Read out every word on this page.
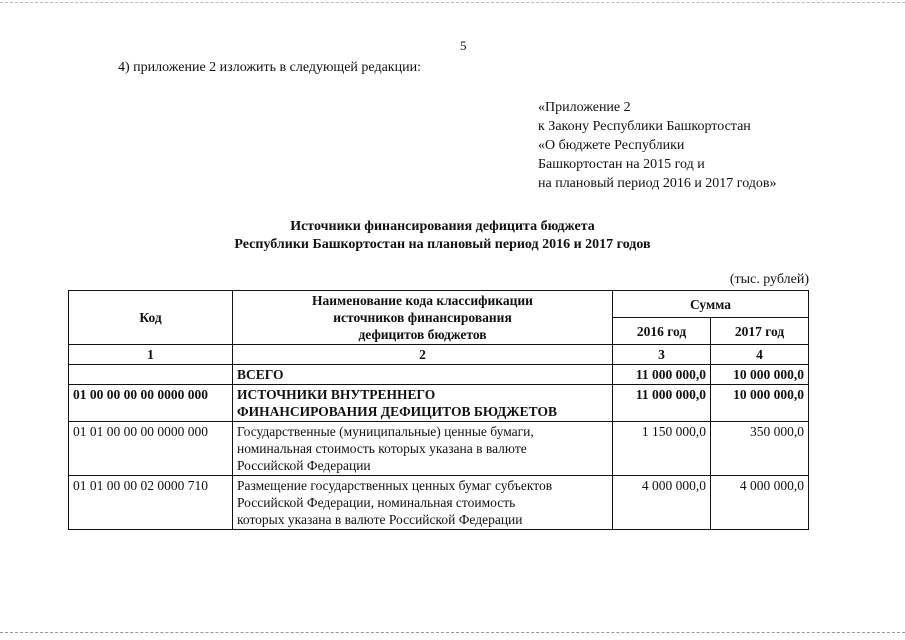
5
4) приложение 2 изложить в следующей редакции:
«Приложение 2
к Закону Республики Башкортостан
«О бюджете Республики
Башкортостан на 2015 год и
на плановый период 2016 и 2017 годов»
Источники финансирования дефицита бюджета
Республики Башкортостан на плановый период 2016 и 2017 годов
(тыс. рублей)
Код	Наименование кода классификации
источников финансирования
дефицитов бюджетов	Сумма	
		2016 год	2017 год
1	2	3	4

	ВСЕГО	11 000 000,0	10 000 000,0
01 00 00 00 00 0000 000	ИСТОЧНИКИ ВНУТРЕННЕГО
ФИНАНСИРОВАНИЯ ДЕФИЦИТОВ БЮДЖЕТОВ	11 000 000,0	10 000 000,0
01 01 00 00 00 0000 000	Государственные (муниципальные) ценные бумаги,
номинальная стоимость которых указана в валюте
Российской Федерации	1 150 000,0	350 000,0
01 01 00 00 02 0000 710	Размещение государственных ценных бумаг субъектов
Российской Федерации, номинальная стоимость
которых указана в валюте Российской Федерации	4 000 000,0	4 000 000,0
